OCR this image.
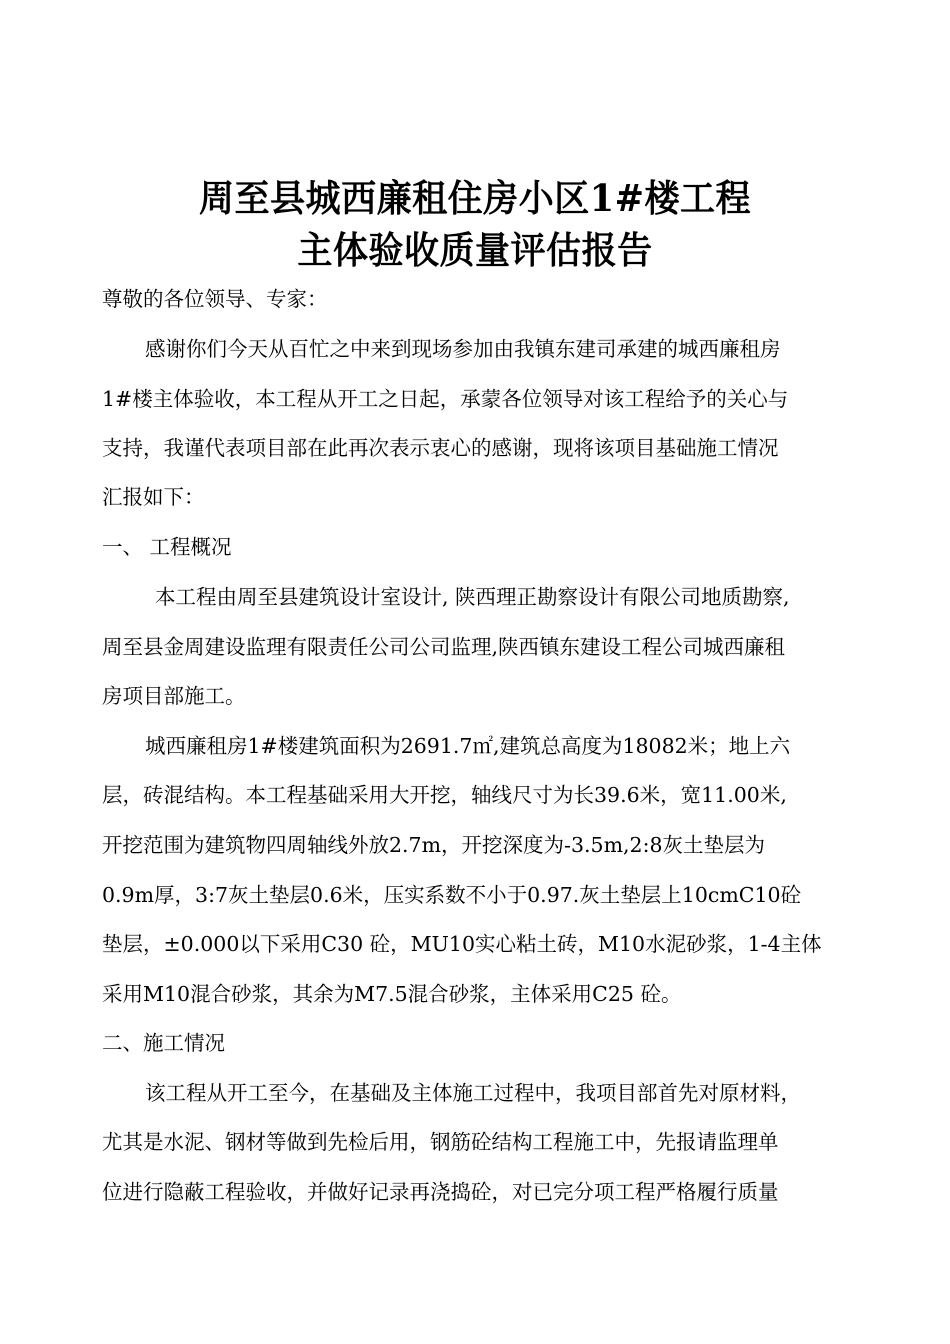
周至县城西廉租住房小区1#楼工程
主体验收质量评估报告
尊敬的各位领导、专家：
感谢你们今天从百忙之中来到现场参加由我镇东建司承建的城西廉租房
1#楼主体验收，本工程从开工之日起，承蒙各位领导对该工程给予的关心与
支持，我谨代表项目部在此再次表示衷心的感谢，现将该项目基础施工情况
汇报如下：
一、 工程概况
本工程由周至县建筑设计室设计, 陕西理正勘察设计有限公司地质勘察,
周至县金周建设监理有限责任公司公司监理,陕西镇东建设工程公司城西廉租
房项目部施工。
城西廉租房1#楼建筑面积为2691.7㎡,建筑总高度为18082米；地上六
层，砖混结构。本工程基础采用大开挖，轴线尺寸为长39.6米，宽11.00米,
开挖范围为建筑物四周轴线外放2.7m，开挖深度为-3.5m,2:8灰土垫层为
0.9m厚，3:7灰土垫层0.6米，压实系数不小于0.97.灰土垫层上10cmC10砼
垫层，±0.000以下采用C30 砼，MU10实心粘土砖，M10水泥砂浆，1-4主体
采用M10混合砂浆，其余为M7.5混合砂浆，主体采用C25 砼。
二、施工情况
该工程从开工至今，在基础及主体施工过程中，我项目部首先对原材料，
尤其是水泥、钢材等做到先检后用，钢筋砼结构工程施工中，先报请监理单
位进行隐蔽工程验收，并做好记录再浇捣砼，对已完分项工程严格履行质量
